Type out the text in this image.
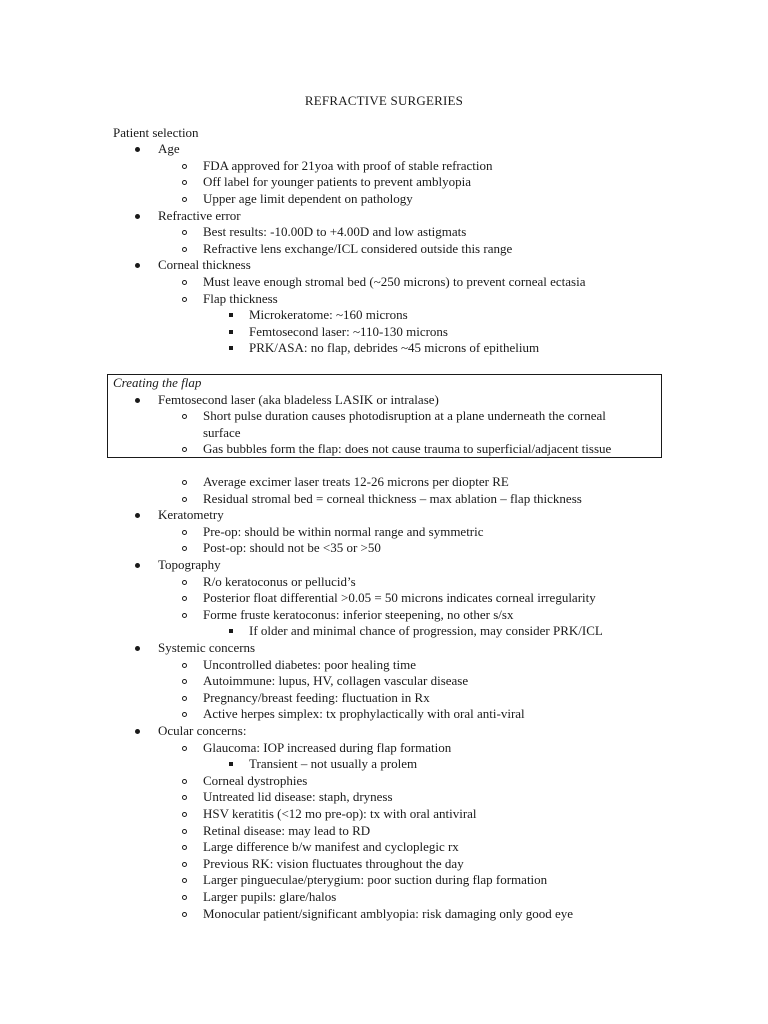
REFRACTIVE SURGERIES
Patient selection
Age
FDA approved for 21yoa with proof of stable refraction
Off label for younger patients to prevent amblyopia
Upper age limit dependent on pathology
Refractive error
Best results: -10.00D to +4.00D and low astigmats
Refractive lens exchange/ICL considered outside this range
Corneal thickness
Must leave enough stromal bed (~250 microns) to prevent corneal ectasia
Flap thickness
Microkeratome: ~160 microns
Femtosecond laser: ~110-130 microns
PRK/ASA: no flap, debrides ~45 microns of epithelium
Creating the flap
Femtosecond laser (aka bladeless LASIK or intralase)
Short pulse duration causes photodisruption at a plane underneath the corneal
surface
Gas bubbles form the flap: does not cause trauma to superficial/adjacent tissue
Average excimer laser treats 12-26 microns per diopter RE
Residual stromal bed = corneal thickness – max ablation – flap thickness
Keratometry
Pre-op: should be within normal range and symmetric
Post-op: should not be <35 or >50
Topography
R/o keratoconus or pellucid’s
Posterior float differential >0.05 = 50 microns indicates corneal irregularity
Forme fruste keratoconus: inferior steepening, no other s/sx
If older and minimal chance of progression, may consider PRK/ICL
Systemic concerns
Uncontrolled diabetes: poor healing time
Autoimmune: lupus, HV, collagen vascular disease
Pregnancy/breast feeding: fluctuation in Rx
Active herpes simplex: tx prophylactically with oral anti-viral
Ocular concerns:
Glaucoma: IOP increased during flap formation
Transient – not usually a prolem
Corneal dystrophies
Untreated lid disease: staph, dryness
HSV keratitis (<12 mo pre-op): tx with oral antiviral
Retinal disease: may lead to RD
Large difference b/w manifest and cycloplegic rx
Previous RK: vision fluctuates throughout the day
Larger pingueculae/pterygium: poor suction during flap formation
Larger pupils: glare/halos
Monocular patient/significant amblyopia: risk damaging only good eye
